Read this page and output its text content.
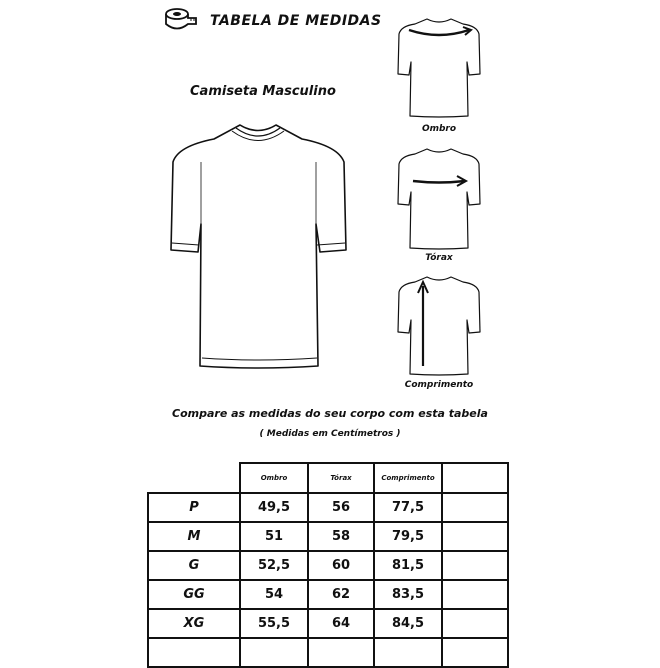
TABELA DE MEDIDAS
Camiseta Masculino
Ombro
Tórax
Comprimento
Compare as medidas do seu corpo com esta tabela
( Medidas em Centímetros )
	Ombro	Tórax	Comprimento	
P	49,5	56	77,5	
M	51	58	79,5	
G	52,5	60	81,5	
GG	54	62	83,5	
XG	55,5	64	84,5	
